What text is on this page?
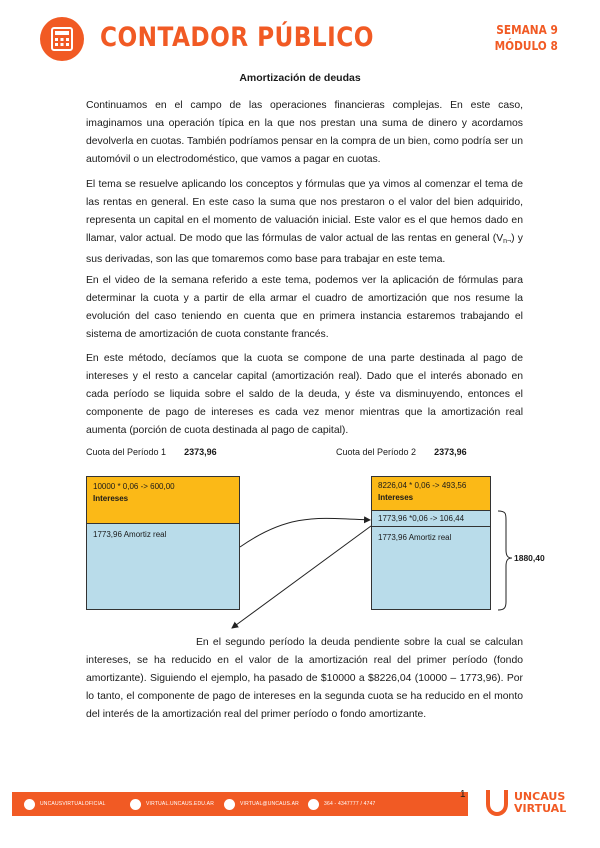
CONTADOR PÚBLICO	SEMANA 9
MÓDULO 8
Amortización de deudas

Continuamos en el campo de las operaciones financieras complejas. En este caso, imaginamos una operación típica en la que nos prestan una suma de dinero y acordamos devolverla en cuotas. También podríamos pensar en la compra de un bien, como podría ser un automóvil o un electrodoméstico, que vamos a pagar en cuotas.

El tema se resuelve aplicando los conceptos y fórmulas que ya vimos al comenzar el tema de las rentas en general. En este caso la suma que nos prestaron o el valor del bien adquirido, representa un capital en el momento de valuación inicial. Este valor es el que hemos dado en llamar, valor actual. De modo que las fórmulas de valor actual de las rentas en general $(V_{n\neg})$ y sus derivadas, son las que tomaremos como base para trabajar en este tema.

En el video de la semana referido a este tema, podemos ver la aplicación de fórmulas para determinar la cuota y a partir de ella armar el cuadro de amortización que nos resume la evolución del caso teniendo en cuenta que en primera instancia estaremos trabajando el sistema de amortización de cuota constante francés.

En este método, decíamos que la cuota se compone de una parte destinada al pago de intereses y el resto a cancelar capital (amortización real). Dado que el interés abonado en cada período se liquida sobre el saldo de la deuda, y éste va disminuyendo, entonces el componente de pago de intereses es cada vez menor mientras que la amortización real aumenta (porción de cuota destinada al pago de capital).

Cuota del Período 1 2373,96	Cuota del Período 2 2373,96
10000 * 0,06 -> 600,00
Intereses
1773,96 Amortiz real
8226,04 * 0,06 -> 493,56
Intereses
1773,96 *0,06 -> 106,44
1773,96 Amortiz real
1880,40

En el segundo período la deuda pendiente sobre la cual se calculan intereses, se ha reducido en el valor de la amortización real del primer período (fondo amortizante). Siguiendo el ejemplo, ha pasado de $10000 a $8226,04 (10000 – 1773,96). Por lo tanto, el componente de pago de intereses en la segunda cuota se ha reducido en el monto del interés de la amortización real del primer período o fondo amortizante.

UNCAUSVIRTUALOFICIAL	VIRTUAL.UNCAUS.EDU.AR	VIRTUAL@UNCAUS.AR	364 - 4347777 / 4747
1	UNCAUS
VIRTUAL
